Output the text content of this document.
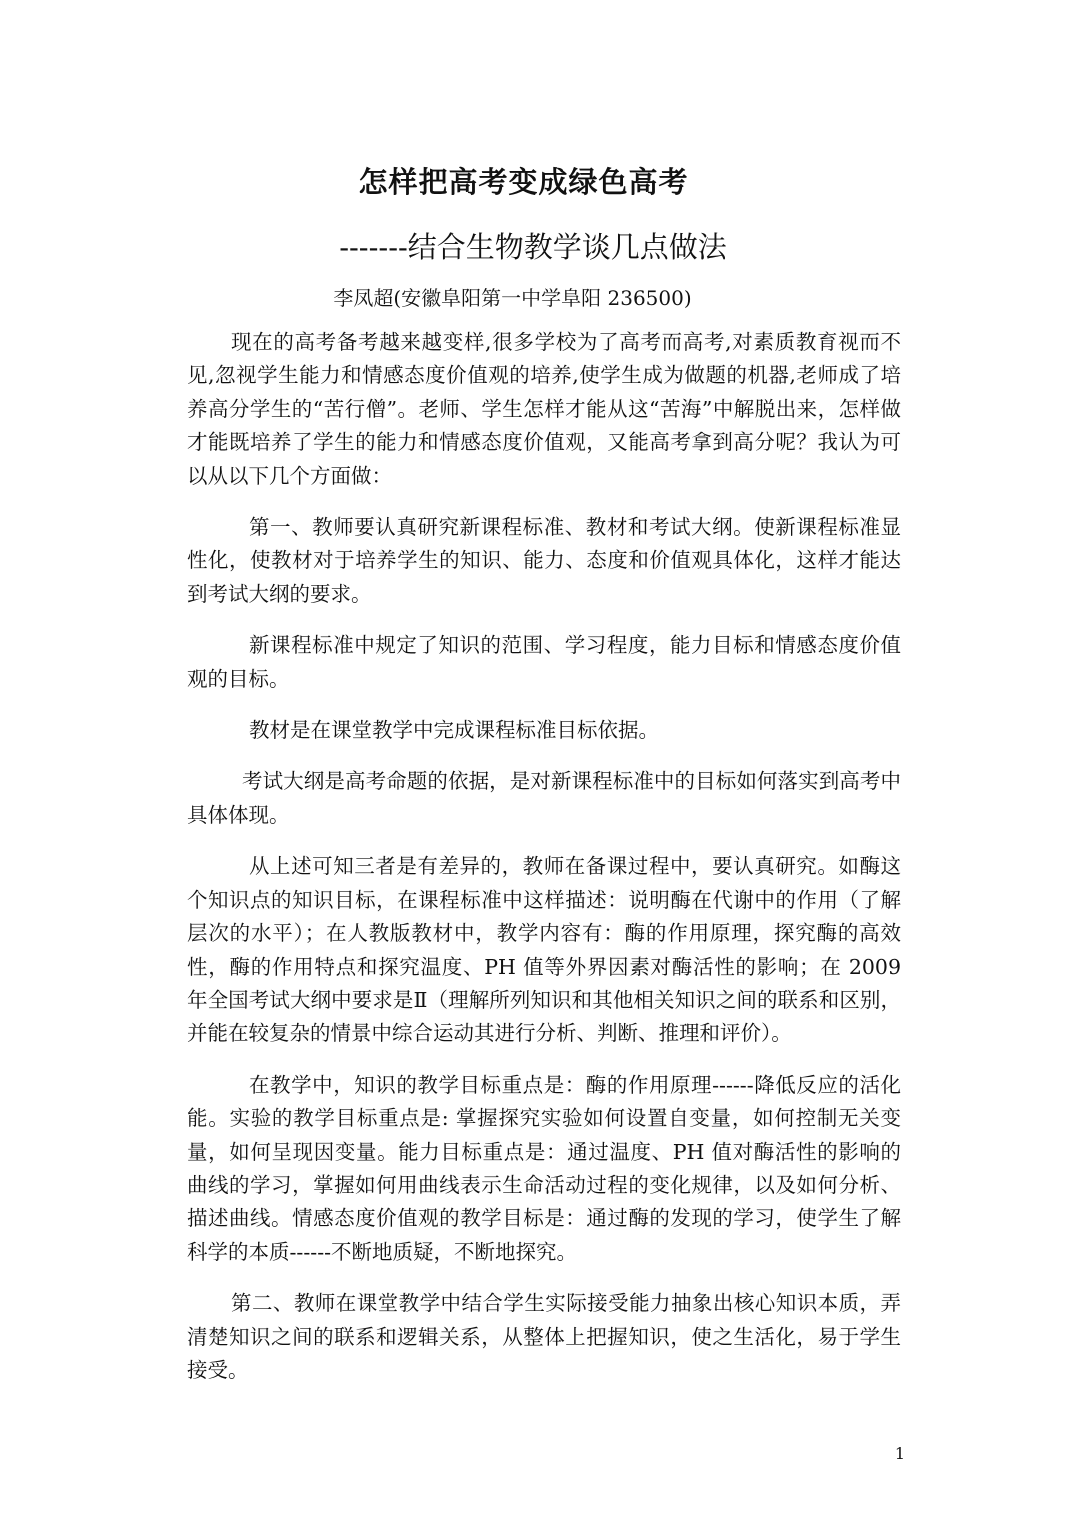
怎样把高考变成绿色高考
-------结合生物教学谈几点做法
李凤超(安徽阜阳第一中学阜阳 236500)

现在的高考备考越来越变样,很多学校为了高考而高考,对素质教育视而不见,忽视学生能力和情感态度价值观的培养,使学生成为做题的机器,老师成了培养高分学生的“苦行僧”。老师、学生怎样才能从这“苦海”中解脱出来，怎样做才能既培养了学生的能力和情感态度价值观，又能高考拿到高分呢？我认为可以从以下几个方面做：

第一、教师要认真研究新课程标准、教材和考试大纲。使新课程标准显性化，使教材对于培养学生的知识、能力、态度和价值观具体化，这样才能达到考试大纲的要求。

新课程标准中规定了知识的范围、学习程度，能力目标和情感态度价值观的目标。

教材是在课堂教学中完成课程标准目标依据。

考试大纲是高考命题的依据，是对新课程标准中的目标如何落实到高考中具体体现。

从上述可知三者是有差异的，教师在备课过程中，要认真研究。如酶这个知识点的知识目标，在课程标准中这样描述：说明酶在代谢中的作用（了解层次的水平）；在人教版教材中，教学内容有：酶的作用原理，探究酶的高效性，酶的作用特点和探究温度、PH 值等外界因素对酶活性的影响；在 2009 年全国考试大纲中要求是Ⅱ（理解所列知识和其他相关知识之间的联系和区别，并能在较复杂的情景中综合运动其进行分析、判断、推理和评价）。

在教学中，知识的教学目标重点是：酶的作用原理------降低反应的活化能。实验的教学目标重点是: 掌握探究实验如何设置自变量，如何控制无关变量，如何呈现因变量。能力目标重点是：通过温度、PH 值对酶活性的影响的曲线的学习，掌握如何用曲线表示生命活动过程的变化规律，以及如何分析、描述曲线。情感态度价值观的教学目标是：通过酶的发现的学习，使学生了解科学的本质------不断地质疑，不断地探究。

第二、教师在课堂教学中结合学生实际接受能力抽象出核心知识本质，弄清楚知识之间的联系和逻辑关系，从整体上把握知识，使之生活化，易于学生接受。

1
